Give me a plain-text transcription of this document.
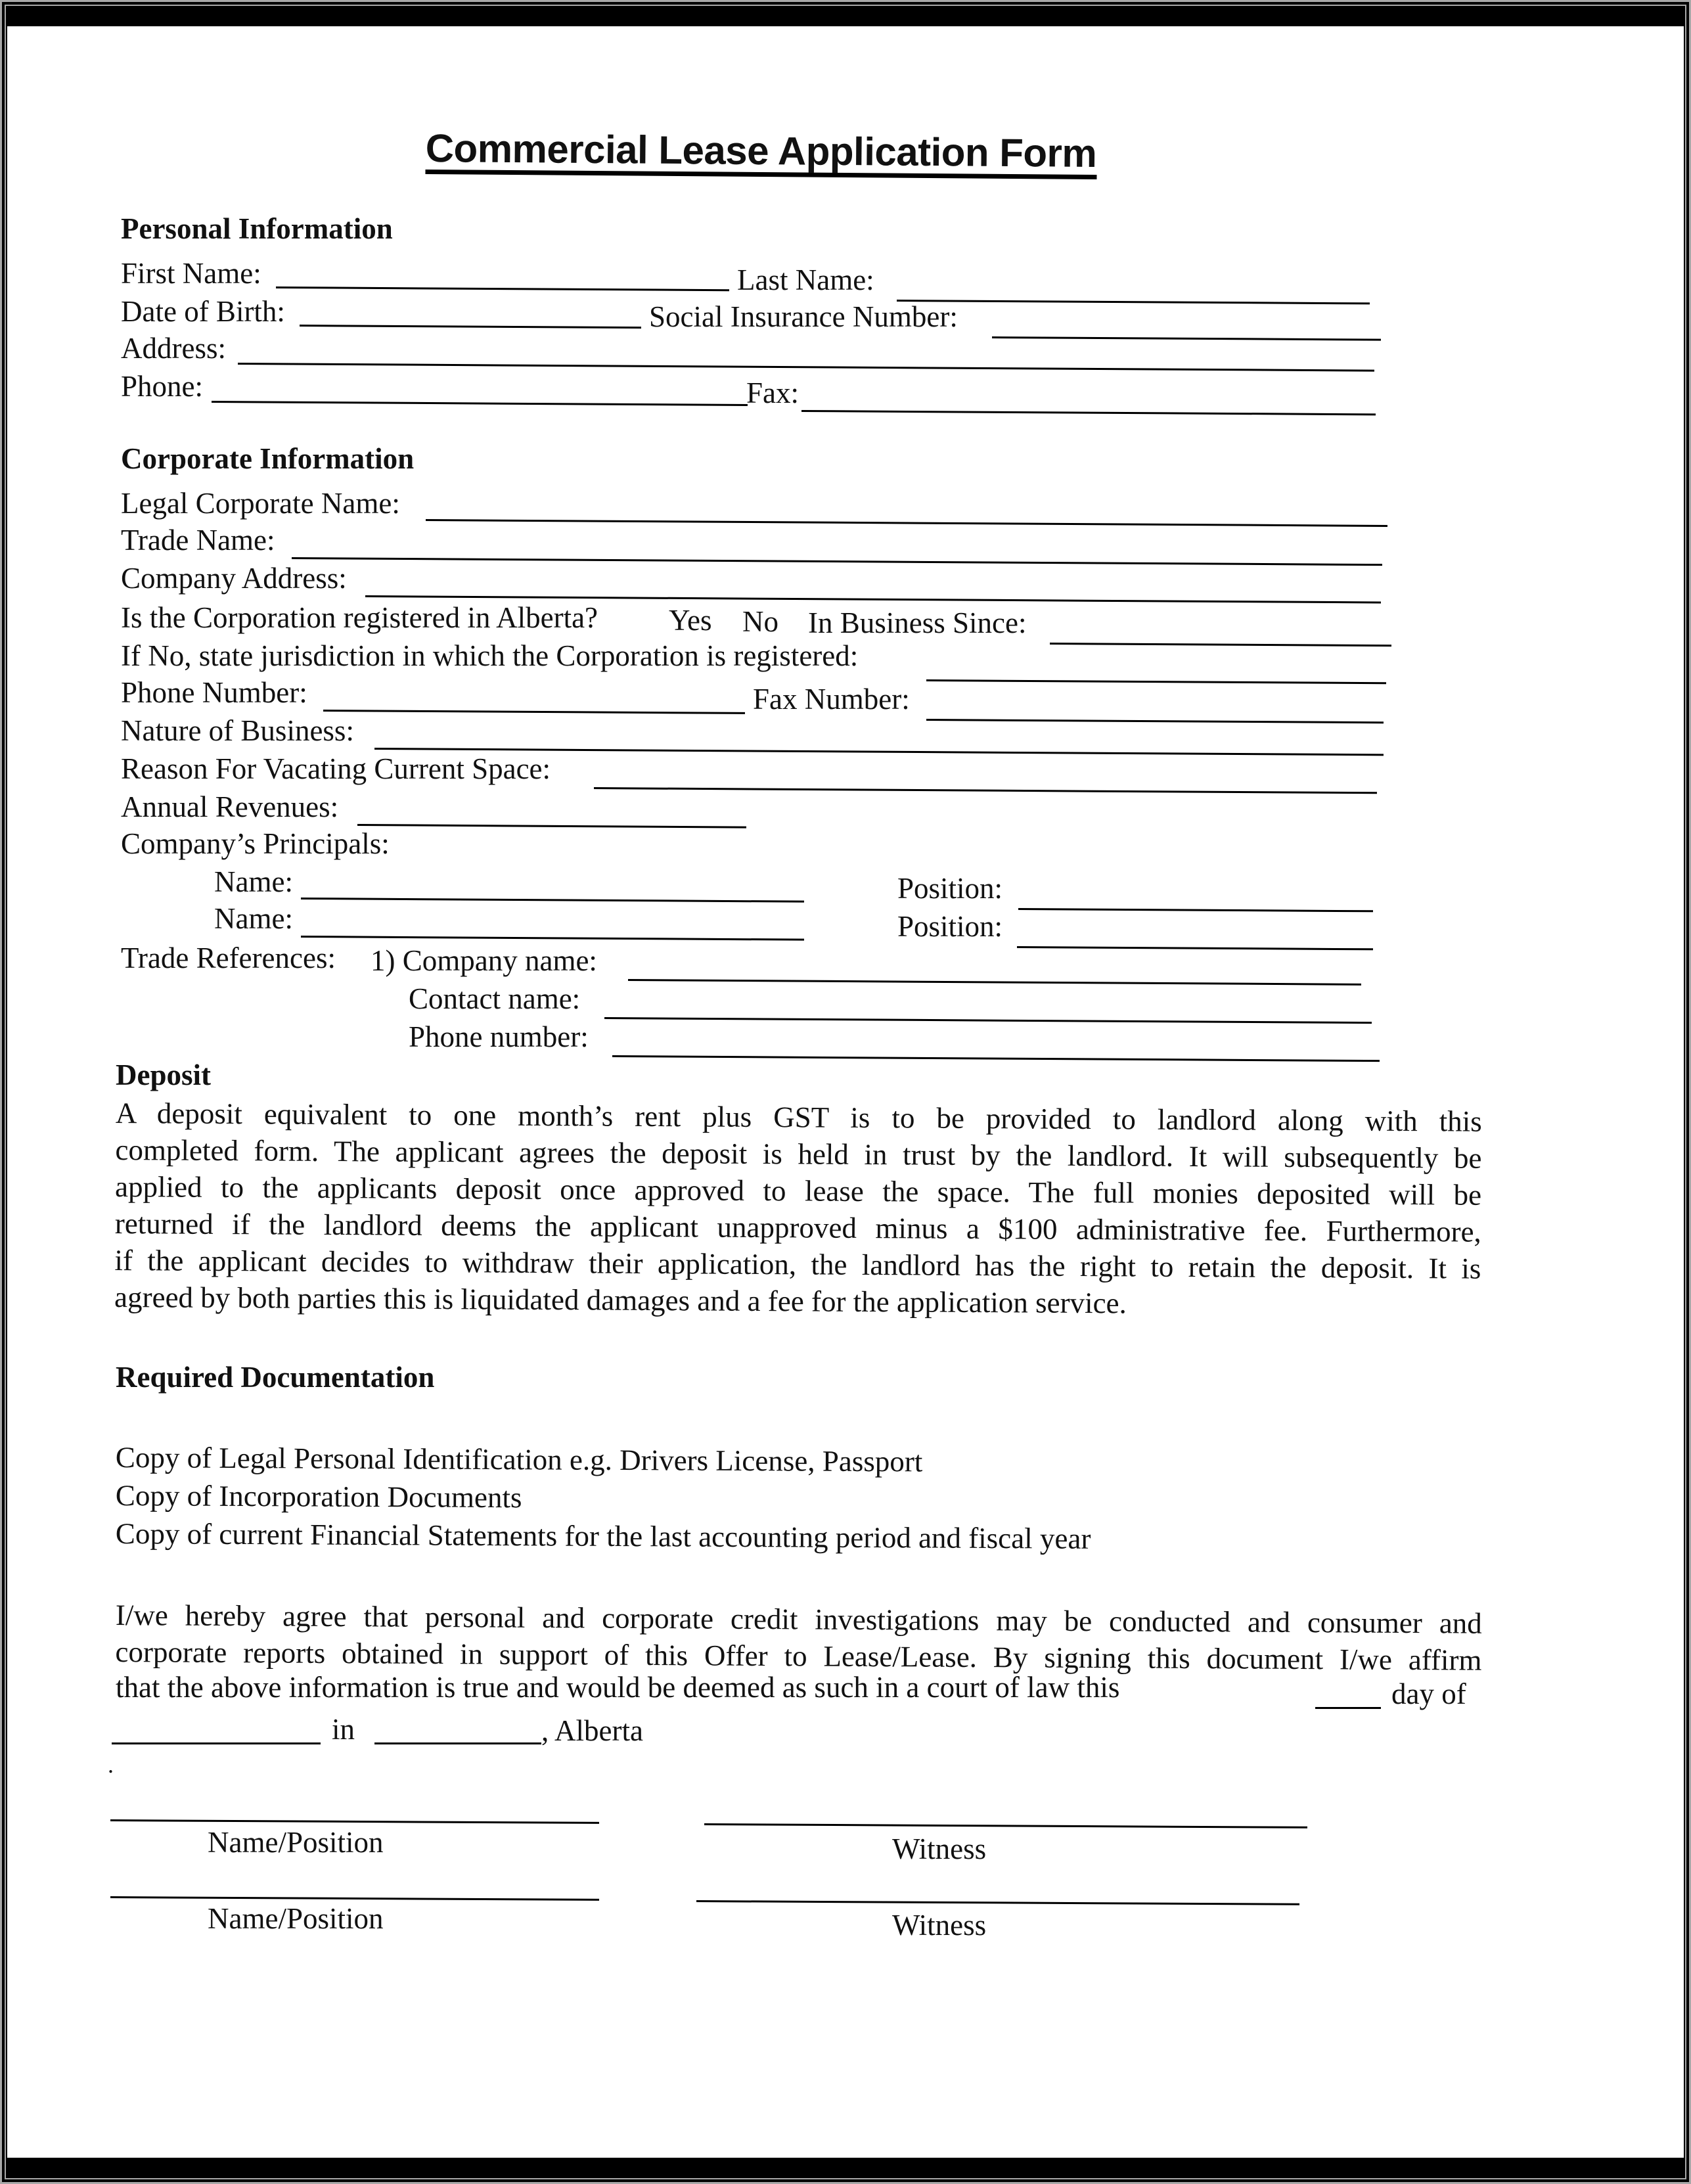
Commercial Lease Application Form
Personal Information
First Name:	Last Name:
Date of Birth:	Social Insurance Number:
Address:
Phone:	Fax:
Corporate Information
Legal Corporate Name:
Trade Name:
Company Address:
Is the Corporation registered in Alberta? Yes No In Business Since:
If No, state jurisdiction in which the Corporation is registered:
Phone Number:	Fax Number:
Nature of Business:
Reason For Vacating Current Space:
Annual Revenues:
Company’s Principals:
Name:	Position:
Name:	Position:
Trade References: 1) Company name:
Contact name:
Phone number:
Deposit
A deposit equivalent to one month’s rent plus GST is to be provided to landlord along with this
completed form. The applicant agrees the deposit is held in trust by the landlord. It will subsequently be
applied to the applicants deposit once approved to lease the space. The full monies deposited will be
returned if the landlord deems the applicant unapproved minus a $100 administrative fee. Furthermore,
if the applicant decides to withdraw their application, the landlord has the right to retain the deposit. It is
agreed by both parties this is liquidated damages and a fee for the application service.
Required Documentation
Copy of Legal Personal Identification e.g. Drivers License, Passport
Copy of Incorporation Documents
Copy of current Financial Statements for the last accounting period and fiscal year
I/we hereby agree that personal and corporate credit investigations may be conducted and consumer and
corporate reports obtained in support of this Offer to Lease/Lease. By signing this document I/we affirm
that the above information is true and would be deemed as such in a court of law this	day of
in	, Alberta
.
Name/Position	Witness
Name/Position	Witness
